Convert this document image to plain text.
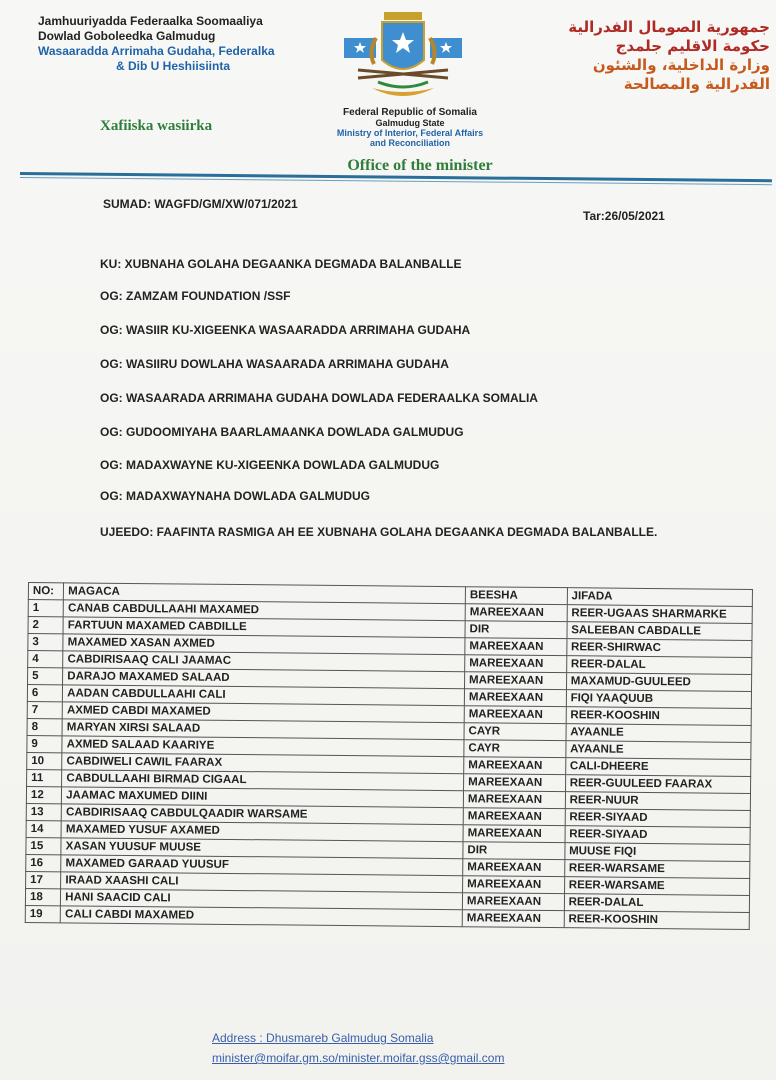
Jamhuuriyadda Federaalka Soomaaliya
Dowlad Goboleedka Galmudug
Wasaaradda Arrimaha Gudaha, Federalka
& Dib U Heshiisiinta
Xafiiska wasiirka
جمهورية الصومال الفدرالية
حكومة الاقليم جلمدج
وزارة الداخلية، والشئون
الفدرالية والمصالحة
Federal Republic of Somalia
Galmudug State
Ministry of Interior, Federal Affairs
and Reconciliation
Office of the minister
SUMAD: WAGFD/GM/XW/071/2021
Tar:26/05/2021
KU: XUBNAHA GOLAHA DEGAANKA DEGMADA BALANBALLE
OG: ZAMZAM FOUNDATION /SSF
OG: WASIIR KU-XIGEENKA WASAARADDA ARRIMAHA GUDAHA
OG: WASIIRU DOWLAHA WASAARADA ARRIMAHA GUDAHA
OG: WASAARADA ARRIMAHA GUDAHA DOWLADA FEDERAALKA SOMALIA
OG: GUDOOMIYAHA BAARLAMAANKA DOWLADA GALMUDUG
OG: MADAXWAYNE KU-XIGEENKA DOWLADA GALMUDUG
OG: MADAXWAYNAHA DOWLADA GALMUDUG
UJEEDO: FAAFINTA RASMIGA AH EE XUBNAHA GOLAHA DEGAANKA DEGMADA BALANBALLE.
NO:	MAGACA	BEESHA	JIFADA
1	CANAB CABDULLAAHI MAXAMED	MAREEXAAN	REER-UGAAS SHARMARKE
2	FARTUUN MAXAMED CABDILLE	DIR	SALEEBAN CABDALLE
3	MAXAMED XASAN AXMED	MAREEXAAN	REER-SHIRWAC
4	CABDIRISAAQ CALI JAAMAC	MAREEXAAN	REER-DALAL
5	DARAJO MAXAMED SALAAD	MAREEXAAN	MAXAMUD-GUULEED
6	AADAN CABDULLAAHI CALI	MAREEXAAN	FIQI YAAQUUB
7	AXMED CABDI MAXAMED	MAREEXAAN	REER-KOOSHIN
8	MARYAN XIRSI SALAAD	CAYR	AYAANLE
9	AXMED SALAAD KAARIYE	CAYR	AYAANLE
10	CABDIWELI CAWIL FAARAX	MAREEXAAN	CALI-DHEERE
11	CABDULLAAHI BIRMAD CIGAAL	MAREEXAAN	REER-GUULEED FAARAX
12	JAAMAC MAXUMED DIINI	MAREEXAAN	REER-NUUR
13	CABDIRISAAQ CABDULQAADIR WARSAME	MAREEXAAN	REER-SIYAAD
14	MAXAMED YUSUF AXAMED	MAREEXAAN	REER-SIYAAD
15	XASAN YUUSUF MUUSE	DIR	MUUSE FIQI
16	MAXAMED GARAAD YUUSUF	MAREEXAAN	REER-WARSAME
17	IRAAD XAASHI CALI	MAREEXAAN	REER-WARSAME
18	HANI SAACID CALI	MAREEXAAN	REER-DALAL
19	CALI CABDI MAXAMED	MAREEXAAN	REER-KOOSHIN
Address : Dhusmareb Galmudug Somalia
minister@moifar.gm.so/minister.moifar.gss@gmail.com
